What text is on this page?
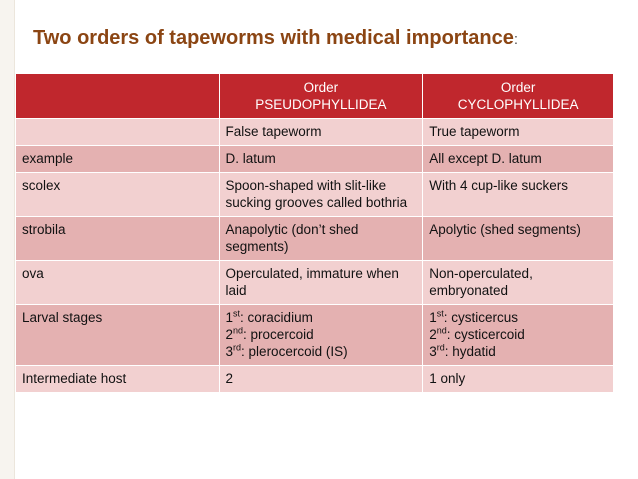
Two orders of tapeworms with medical importance:

	Order
PSEUDOPHYLLIDEA	Order
CYCLOPHYLLIDEA

	False tapeworm	True tapeworm
example	D. latum	All except D. latum
scolex	Spoon-shaped with slit-like sucking grooves called bothria	With 4 cup-like suckers
strobila	Anapolytic (don’t shed segments)	Apolytic (shed segments)
ova	Operculated, immature when laid	Non-operculated, embryonated
Larval stages	1st: coracidium
2nd: procercoid
3rd: plerocercoid (IS)	1st: cysticercus
2nd: cysticercoid
3rd: hydatid

Intermediate host	2	1 only
